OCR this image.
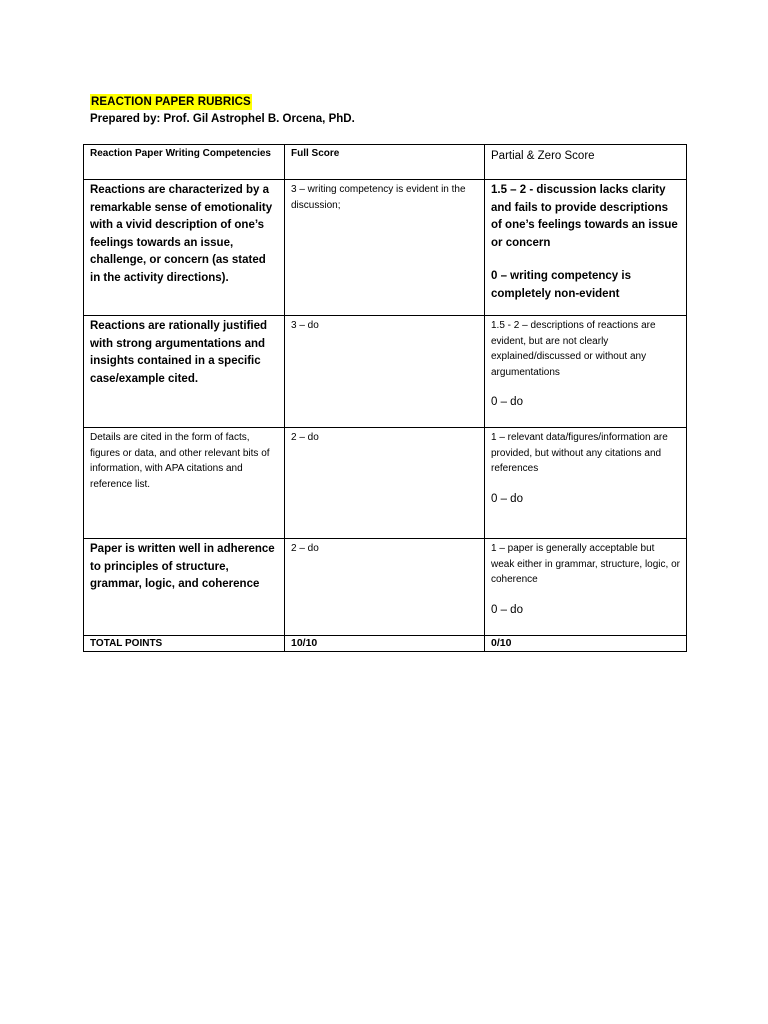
REACTION PAPER RUBRICS
Prepared by: Prof. Gil Astrophel B. Orcena, PhD.
Reaction Paper Writing Competencies	Full Score	Partial & Zero Score

Reactions are characterized by a remarkable sense of emotionality with a vivid description of one’s feelings towards an issue, challenge, or concern (as stated in the activity directions).	3 – writing competency is evident in the discussion;	1.5 – 2 - discussion lacks clarity and fails to provide descriptions of one’s feelings towards an issue or concern
0 – writing competency is completely non-evident

Reactions are rationally justified with strong argumentations and insights contained in a specific case/example cited.	3 – do	1.5 - 2 – descriptions of reactions are evident, but are not clearly explained/discussed or without any argumentations
0 – do

Details are cited in the form of facts, figures or data, and other relevant bits of information, with APA citations and reference list.	2 – do	1 – relevant data/figures/information are provided, but without any citations and references
0 – do

Paper is written well in adherence to principles of structure, grammar, logic, and coherence	2 – do	1 – paper is generally acceptable but weak either in grammar, structure, logic, or coherence
0 – do

TOTAL POINTS	10/10	0/10
